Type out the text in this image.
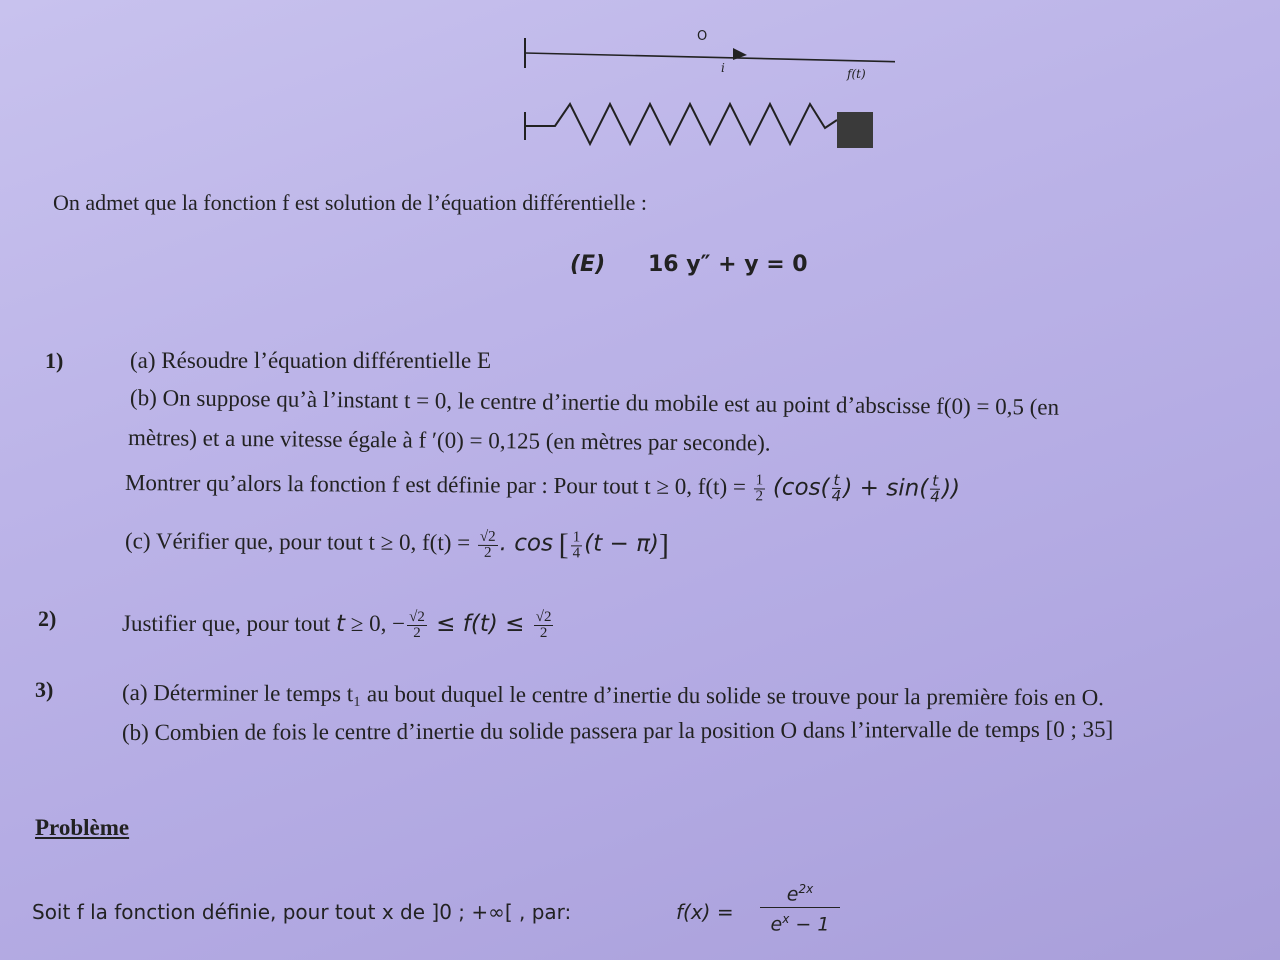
O
i	f(t)
On admet que la fonction f est solution de l’équation différentielle :
(E) 16 y″ + y = 0
1)	(a) Résoudre l’équation différentielle E
(b) On suppose qu’à l’instant t = 0, le centre d’inertie du mobile est au point d’abscisse f(0) = 0,5 (en
mètres) et a une vitesse égale à f ′(0) = 0,125 (en mètres par seconde).
Montrer qu’alors la fonction f est définie par : Pour tout t ≥ 0, $f(t) = \frac{1}{2} (\cos( \frac{t}{4}$ ) + $\sin( \frac{t}{4}$ ))
(c) Vérifier que, pour tout t ≥ 0, $f(t) = \frac{√2}{2}$ . cos [ $\frac{1}{4} (t - \pi)$]
2)	Justifier que, pour tout t ≥ 0, − $\frac{√2}{2} \le f(t) \le \frac{√2}{2}$
3)	(a) Déterminer le temps t₁ au bout duquel le centre d’inertie du solide se trouve pour la première fois en O.
(b) Combien de fois le centre d’inertie du solide passera par la position O dans l’intervalle de temps [0 ; 35]
Problème
Soit f la fonction définie, pour tout x de ]0 ; +∞[ , par:	f(x) =
$e^{2x}$
$e^x - 1$
